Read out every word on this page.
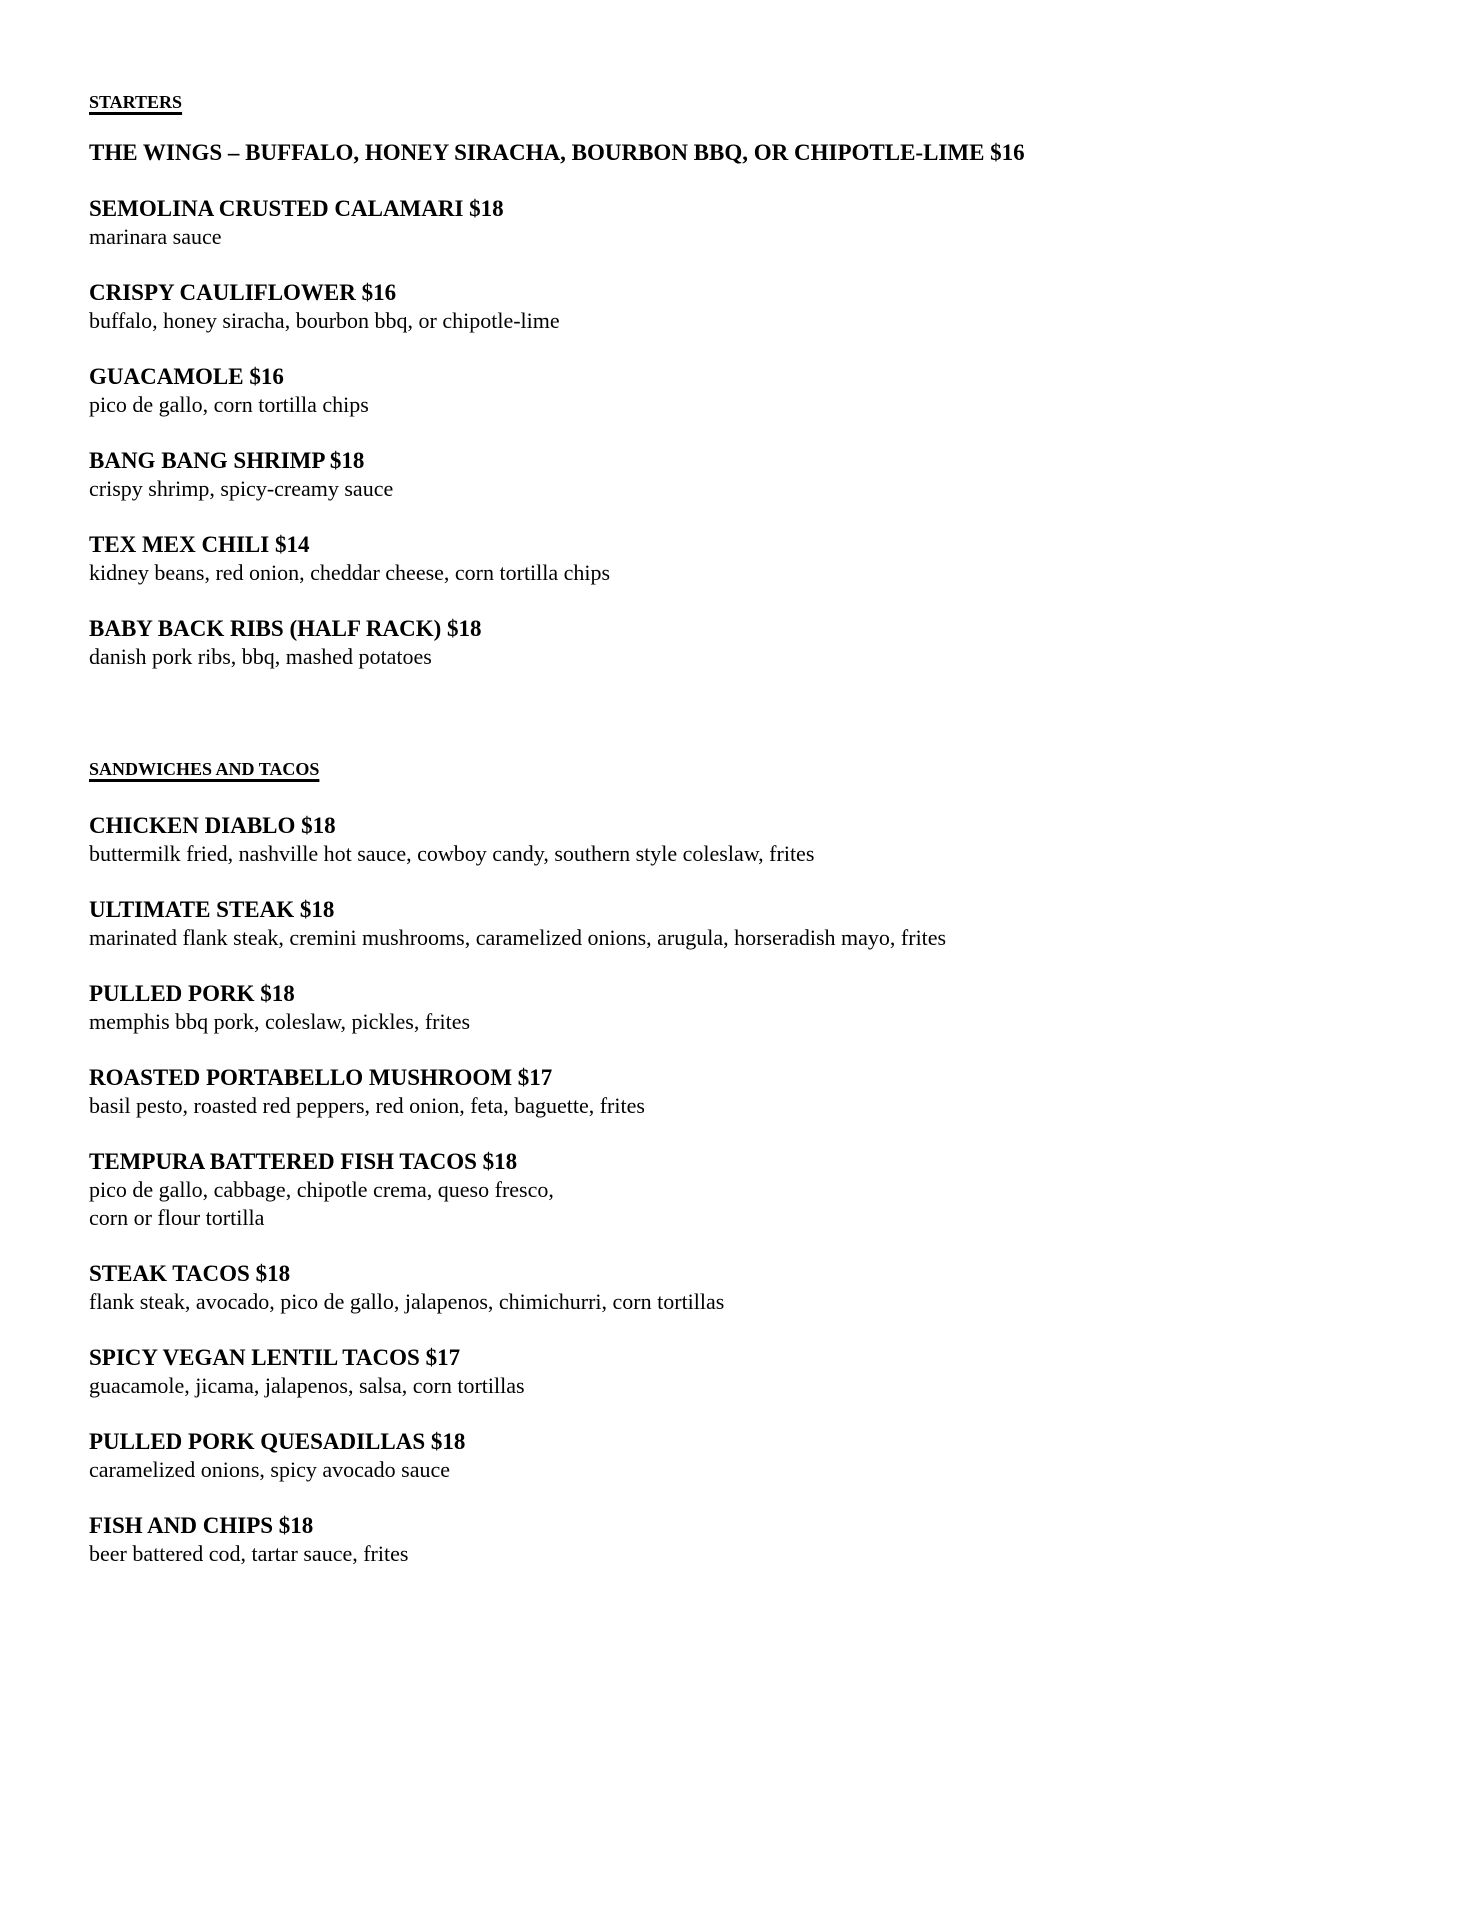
STARTERS

THE WINGS – BUFFALO, HONEY SIRACHA, BOURBON BBQ, OR CHIPOTLE-LIME $16

SEMOLINA CRUSTED CALAMARI $18

marinara sauce

CRISPY CAULIFLOWER $16

buffalo, honey siracha, bourbon bbq, or chipotle-lime

GUACAMOLE $16

pico de gallo, corn tortilla chips

BANG BANG SHRIMP $18

crispy shrimp, spicy-creamy sauce

TEX MEX CHILI $14

kidney beans, red onion, cheddar cheese, corn tortilla chips

BABY BACK RIBS (HALF RACK) $18

danish pork ribs, bbq, mashed potatoes

SANDWICHES AND TACOS

CHICKEN DIABLO $18

buttermilk fried, nashville hot sauce, cowboy candy, southern style coleslaw, frites

ULTIMATE STEAK $18

marinated flank steak, cremini mushrooms, caramelized onions, arugula, horseradish mayo, frites

PULLED PORK $18

memphis bbq pork, coleslaw, pickles, frites

ROASTED PORTABELLO MUSHROOM $17

basil pesto, roasted red peppers, red onion, feta, baguette, frites

TEMPURA BATTERED FISH TACOS $18

pico de gallo, cabbage, chipotle crema, queso fresco,
corn or flour tortilla

STEAK TACOS $18

flank steak, avocado, pico de gallo, jalapenos, chimichurri, corn tortillas

SPICY VEGAN LENTIL TACOS $17

guacamole, jicama, jalapenos, salsa, corn tortillas

PULLED PORK QUESADILLAS $18

caramelized onions, spicy avocado sauce

FISH AND CHIPS $18

beer battered cod, tartar sauce, frites
